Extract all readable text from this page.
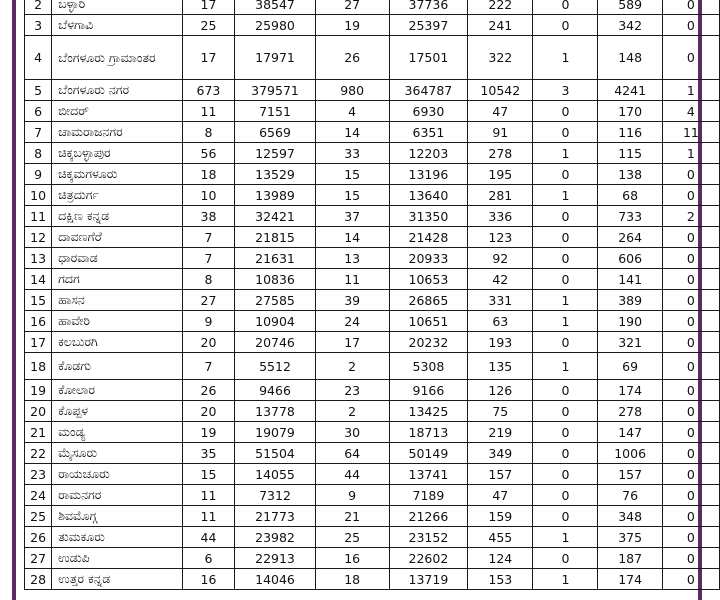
2	ಬಳ್ಳಾರಿ	17	38547	27	37736	222	0	589	0
3	ಬೆಳಗಾವಿ	25	25980	19	25397	241	0	342	0
4	ಬೆಂಗಳೂರು ಗ್ರಾಮಾಂತರ	17	17971	26	17501	322	1	148	0
5	ಬೆಂಗಳೂರು ನಗರ	673	379571	980	364787	10542	3	4241	1
6	ಬೀದರ್	11	7151	4	6930	47	0	170	4
7	ಚಾಮರಾಜನಗರ	8	6569	14	6351	91	0	116	11
8	ಚಿಕ್ಕಬಳ್ಳಾಪುರ	56	12597	33	12203	278	1	115	1
9	ಚಿಕ್ಕಮಗಳೂರು	18	13529	15	13196	195	0	138	0
10	ಚಿತ್ರದುರ್ಗ	10	13989	15	13640	281	1	68	0
11	ದಕ್ಷಿಣ ಕನ್ನಡ	38	32421	37	31350	336	0	733	2
12	ದಾವಣಗೆರೆ	7	21815	14	21428	123	0	264	0
13	ಧಾರವಾಡ	7	21631	13	20933	92	0	606	0
14	ಗದಗ	8	10836	11	10653	42	0	141	0
15	ಹಾಸನ	27	27585	39	26865	331	1	389	0
16	ಹಾವೇರಿ	9	10904	24	10651	63	1	190	0
17	ಕಲಬುರಗಿ	20	20746	17	20232	193	0	321	0
18	ಕೊಡಗು	7	5512	2	5308	135	1	69	0
19	ಕೋಲಾರ	26	9466	23	9166	126	0	174	0
20	ಕೊಪ್ಪಳ	20	13778	2	13425	75	0	278	0
21	ಮಂಡ್ಯ	19	19079	30	18713	219	0	147	0
22	ಮೈಸೂರು	35	51504	64	50149	349	0	1006	0
23	ರಾಯಚೂರು	15	14055	44	13741	157	0	157	0
24	ರಾಮನಗರ	11	7312	9	7189	47	0	76	0
25	ಶಿವಮೊಗ್ಗ	11	21773	21	21266	159	0	348	0
26	ತುಮಕೂರು	44	23982	25	23152	455	1	375	0
27	ಉಡುಪಿ	6	22913	16	22602	124	0	187	0
28	ಉತ್ತರ ಕನ್ನಡ	16	14046	18	13719	153	1	174	0
